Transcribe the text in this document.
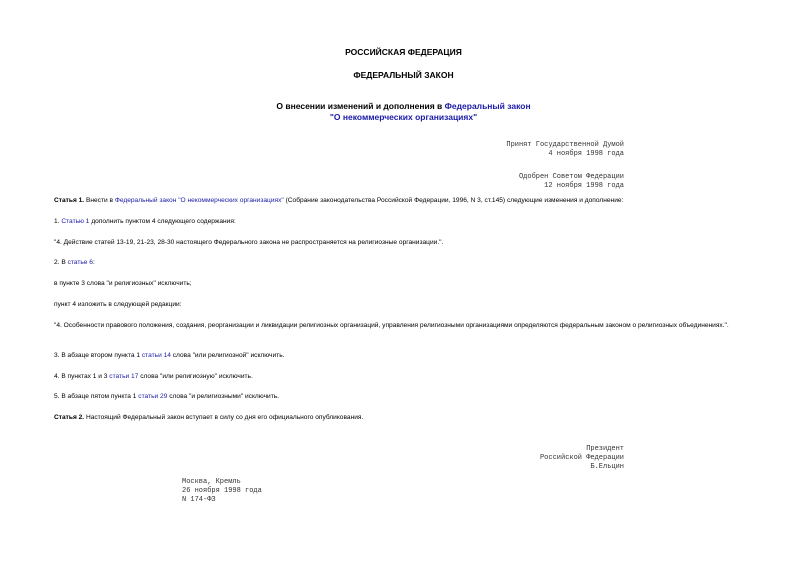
РОССИЙСКАЯ ФЕДЕРАЦИЯ
ФЕДЕРАЛЬНЫЙ ЗАКОН
О внесении изменений и дополнения в Федеральный закон
"О некоммерческих организациях"
Принят Государственной Думой
4 ноября 1998 года
Одобрен Советом Федерации
12 ноября 1998 года
Статья 1. Внести в Федеральный закон "О некоммерческих организациях" (Собрание законодательства Российской Федерации, 1996, N 3, ст.145) следующие изменения и дополнение:
1. Статью 1 дополнить пунктом 4 следующего содержания:
"4. Действие статей 13-19, 21-23, 28-30 настоящего Федерального закона не распространяется на религиозные организации.".
2. В статье 6:
в пункте 3 слова "и религиозных" исключить;
пункт 4 изложить в следующей редакции:
"4. Особенности правового положения, создания, реорганизации и ликвидации религиозных организаций, управления религиозными организациями определяются федеральным законом о религиозных объединениях.".
3. В абзаце втором пункта 1 статьи 14 слова "или религиозной" исключить.
4. В пунктах 1 и 3 статьи 17 слова "или религиозную" исключить.
5. В абзаце пятом пункта 1 статьи 29 слова "и религиозными" исключить.
Статья 2. Настоящий Федеральный закон вступает в силу со дня его официального опубликования.
Президент
Российской Федерации
Б.Ельцин
Москва, Кремль
26 ноября 1998 года
N 174-ФЗ
